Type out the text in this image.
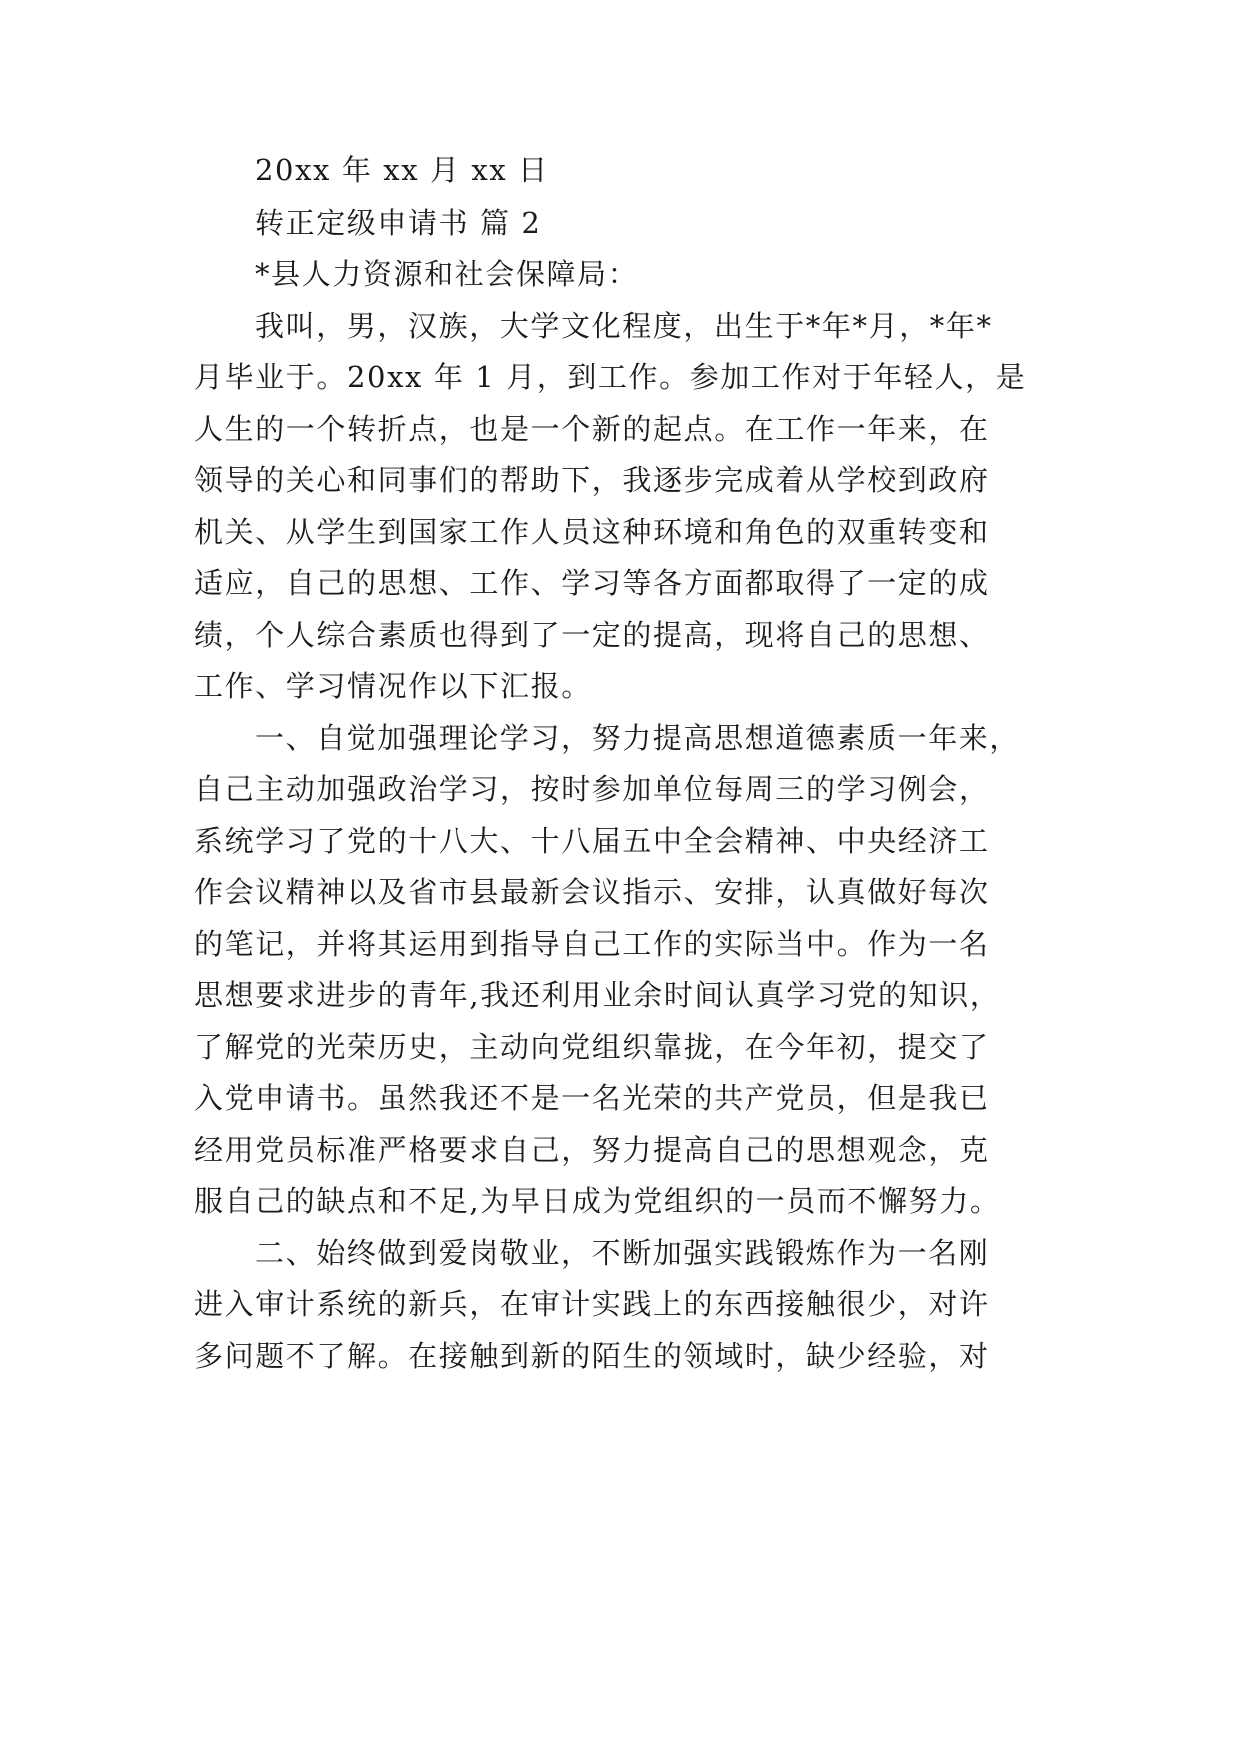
20xx 年 xx 月 xx 日

转正定级申请书 篇 2

*县人力资源和社会保障局：

我叫，男，汉族，大学文化程度，出生于*年*月，*年*

月毕业于。20xx 年 1 月，到工作。参加工作对于年轻人，是

人生的一个转折点，也是一个新的起点。在工作一年来，在

领导的关心和同事们的帮助下，我逐步完成着从学校到政府

机关、从学生到国家工作人员这种环境和角色的双重转变和

适应，自己的思想、工作、学习等各方面都取得了一定的成

绩，个人综合素质也得到了一定的提高，现将自己的思想、

工作、学习情况作以下汇报。

一、自觉加强理论学习，努力提高思想道德素质一年来，

自己主动加强政治学习，按时参加单位每周三的学习例会，

系统学习了党的十八大、十八届五中全会精神、中央经济工

作会议精神以及省市县最新会议指示、安排，认真做好每次

的笔记，并将其运用到指导自己工作的实际当中。作为一名

思想要求进步的青年,我还利用业余时间认真学习党的知识，

了解党的光荣历史，主动向党组织靠拢，在今年初，提交了

入党申请书。虽然我还不是一名光荣的共产党员，但是我已

经用党员标准严格要求自己，努力提高自己的思想观念，克

服自己的缺点和不足,为早日成为党组织的一员而不懈努力。

二、始终做到爱岗敬业，不断加强实践锻炼作为一名刚

进入审计系统的新兵，在审计实践上的东西接触很少，对许

多问题不了解。在接触到新的陌生的领域时，缺少经验，对
